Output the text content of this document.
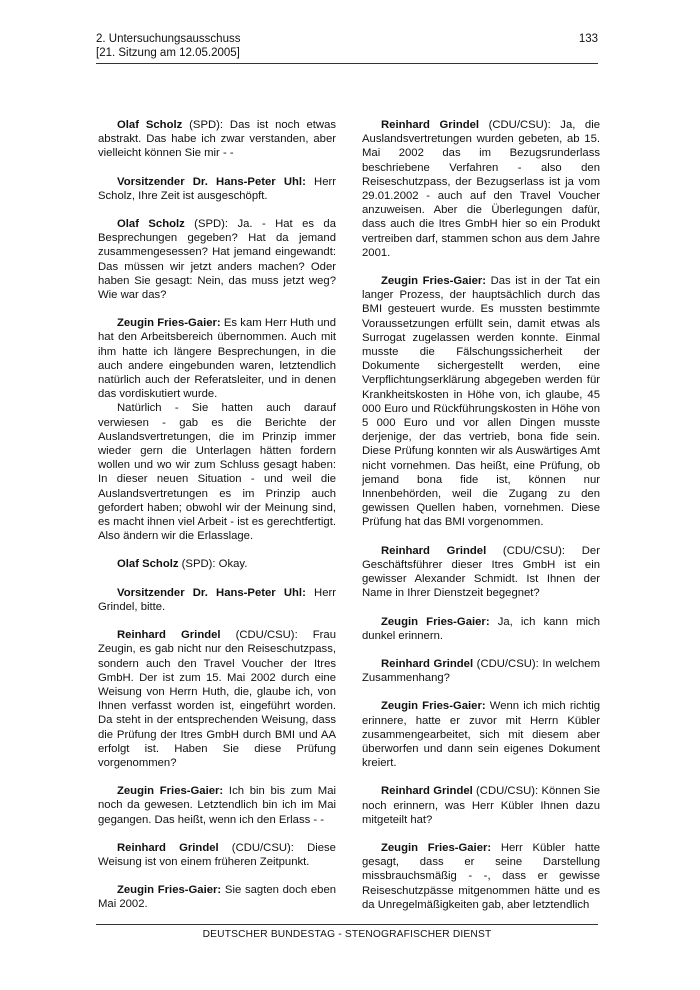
2. Untersuchungsausschuss
[21. Sitzung am 12.05.2005]
133

Olaf Scholz (SPD): Das ist noch etwas abstrakt. Das habe ich zwar verstanden, aber vielleicht können Sie mir - -

Vorsitzender Dr. Hans-Peter Uhl: Herr Scholz, Ihre Zeit ist ausgeschöpft.

Olaf Scholz (SPD): Ja. - Hat es da Besprechungen gegeben? Hat da jemand zusammengesessen? Hat jemand eingewandt: Das müssen wir jetzt anders machen? Oder haben Sie gesagt: Nein, das muss jetzt weg? Wie war das?

Zeugin Fries-Gaier: Es kam Herr Huth und hat den Arbeitsbereich übernommen. Auch mit ihm hatte ich längere Besprechungen, in die auch andere eingebunden waren, letztendlich natürlich auch der Referatsleiter, und in denen das vordiskutiert wurde.

Natürlich - Sie hatten auch darauf verwiesen - gab es die Berichte der Auslandsvertretungen, die im Prinzip immer wieder gern die Unterlagen hätten fordern wollen und wo wir zum Schluss gesagt haben: In dieser neuen Situation - und weil die Auslandsvertretungen es im Prinzip auch gefordert haben; obwohl wir der Meinung sind, es macht ihnen viel Arbeit - ist es gerechtfertigt. Also ändern wir die Erlasslage.

Olaf Scholz (SPD): Okay.

Vorsitzender Dr. Hans-Peter Uhl: Herr Grindel, bitte.

Reinhard Grindel (CDU/CSU): Frau Zeugin, es gab nicht nur den Reiseschutzpass, sondern auch den Travel Voucher der Itres GmbH. Der ist zum 15. Mai 2002 durch eine Weisung von Herrn Huth, die, glaube ich, von Ihnen verfasst worden ist, eingeführt worden. Da steht in der entsprechenden Weisung, dass die Prüfung der Itres GmbH durch BMI und AA erfolgt ist. Haben Sie diese Prüfung vorgenommen?

Zeugin Fries-Gaier: Ich bin bis zum Mai noch da gewesen. Letztendlich bin ich im Mai gegangen. Das heißt, wenn ich den Erlass - -

Reinhard Grindel (CDU/CSU): Diese Weisung ist von einem früheren Zeitpunkt.

Zeugin Fries-Gaier: Sie sagten doch eben Mai 2002.

Reinhard Grindel (CDU/CSU): Ja, die Auslandsvertretungen wurden gebeten, ab 15. Mai 2002 das im Bezugsrunderlass beschriebene Verfahren - also den Reiseschutzpass, der Bezugserlass ist ja vom 29.01.2002 - auch auf den Travel Voucher anzuweisen. Aber die Überlegungen dafür, dass auch die Itres GmbH hier so ein Produkt vertreiben darf, stammen schon aus dem Jahre 2001.

Zeugin Fries-Gaier: Das ist in der Tat ein langer Prozess, der hauptsächlich durch das BMI gesteuert wurde. Es mussten bestimmte Voraussetzungen erfüllt sein, damit etwas als Surrogat zugelassen werden konnte. Einmal musste die Fälschungssicherheit der Dokumente sichergestellt werden, eine Verpflichtungserklärung abgegeben werden für Krankheitskosten in Höhe von, ich glaube, 45 000 Euro und Rückführungskosten in Höhe von 5 000 Euro und vor allen Dingen musste derjenige, der das vertrieb, bona fide sein. Diese Prüfung konnten wir als Auswärtiges Amt nicht vornehmen. Das heißt, eine Prüfung, ob jemand bona fide ist, können nur Innenbehörden, weil die Zugang zu den gewissen Quellen haben, vornehmen. Diese Prüfung hat das BMI vorgenommen.

Reinhard Grindel (CDU/CSU): Der Geschäftsführer dieser Itres GmbH ist ein gewisser Alexander Schmidt. Ist Ihnen der Name in Ihrer Dienstzeit begegnet?

Zeugin Fries-Gaier: Ja, ich kann mich dunkel erinnern.

Reinhard Grindel (CDU/CSU): In welchem Zusammenhang?

Zeugin Fries-Gaier: Wenn ich mich richtig erinnere, hatte er zuvor mit Herrn Kübler zusammengearbeitet, sich mit diesem aber überworfen und dann sein eigenes Dokument kreiert.

Reinhard Grindel (CDU/CSU): Können Sie noch erinnern, was Herr Kübler Ihnen dazu mitgeteilt hat?

Zeugin Fries-Gaier: Herr Kübler hatte gesagt, dass er seine Darstellung missbrauchsmäßig - -, dass er gewisse Reiseschutzpässe mitgenommen hätte und es da Unregelmäßigkeiten gab, aber letztendlich

DEUTSCHER BUNDESTAG - STENOGRAFISCHER DIENST
